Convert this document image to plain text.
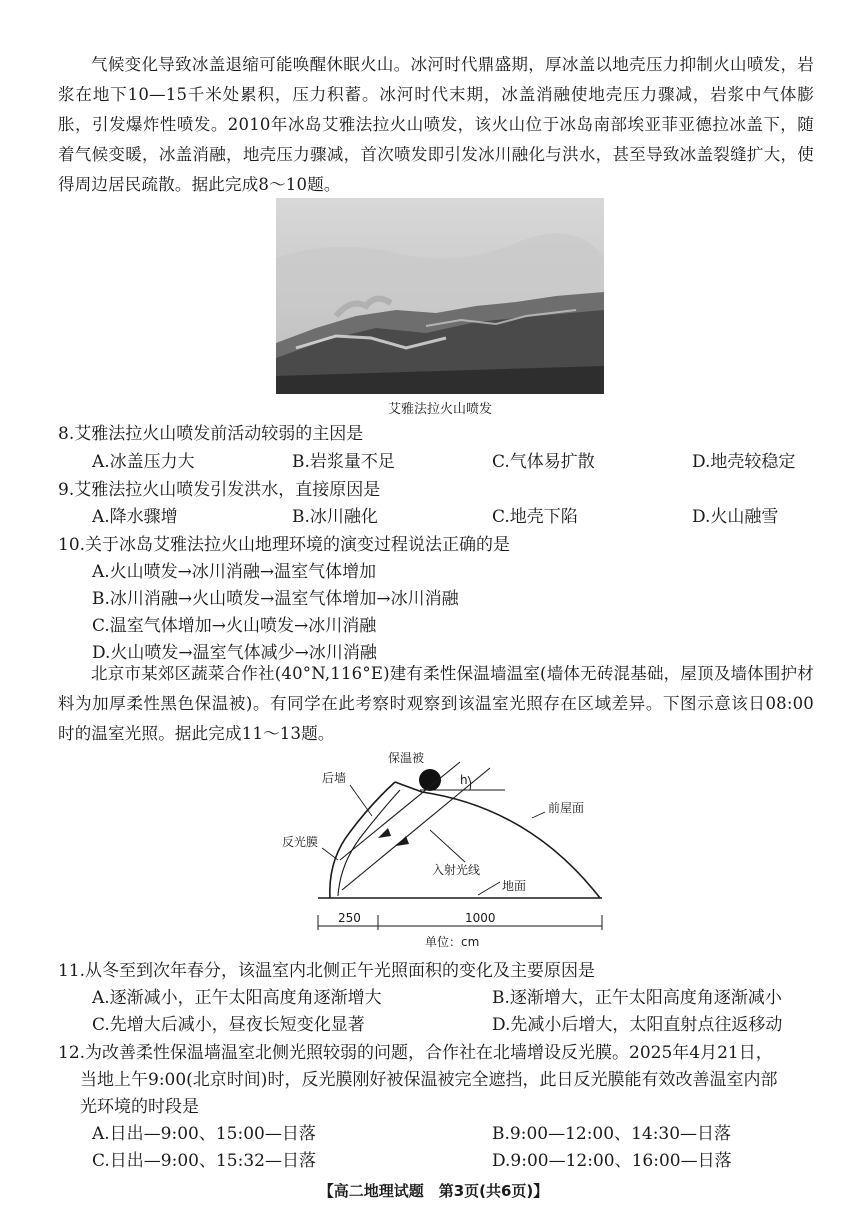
气候变化导致冰盖退缩可能唤醒休眠火山。冰河时代鼎盛期，厚冰盖以地壳压力抑制火山喷发，岩浆在地下10—15千米处累积，压力积蓄。冰河时代末期，冰盖消融使地壳压力骤减，岩浆中气体膨胀，引发爆炸性喷发。2010年冰岛艾雅法拉火山喷发，该火山位于冰岛南部埃亚菲亚德拉冰盖下，随着气候变暖，冰盖消融，地壳压力骤减，首次喷发即引发冰川融化与洪水，甚至导致冰盖裂缝扩大，使得周边居民疏散。据此完成8～10题。

艾雅法拉火山喷发
8.艾雅法拉火山喷发前活动较弱的主因是
A.冰盖压力大	B.岩浆量不足	C.气体易扩散	D.地壳较稳定
9.艾雅法拉火山喷发引发洪水，直接原因是
A.降水骤增	B.冰川融化	C.地壳下陷	D.火山融雪
10.关于冰岛艾雅法拉火山地理环境的演变过程说法正确的是
A.火山喷发→冰川消融→温室气体增加
B.冰川消融→火山喷发→温室气体增加→冰川消融
C.温室气体增加→火山喷发→冰川消融
D.火山喷发→温室气体减少→冰川消融

北京市某郊区蔬菜合作社(40°N,116°E)建有柔性保温墙温室(墙体无砖混基础，屋顶及墙体围护材料为加厚柔性黑色保温被)。有同学在此考察时观察到该温室光照存在区域差异。下图示意该日08:00时的温室光照。据此完成11～13题。

保温被
h
后墙
前屋面
反光膜
入射光线
地面
250	1000
单位：cm
11.从冬至到次年春分，该温室内北侧正午光照面积的变化及主要原因是
A.逐渐减小，正午太阳高度角逐渐增大	B.逐渐增大，正午太阳高度角逐渐减小
C.先增大后减小，昼夜长短变化显著	D.先减小后增大，太阳直射点往返移动
12.为改善柔性保温墙温室北侧光照较弱的问题，合作社在北墙增设反光膜。2025年4月21日，
当地上午9:00(北京时间)时，反光膜刚好被保温被完全遮挡，此日反光膜能有效改善温室内部
光环境的时段是
A.日出—9:00、15:00—日落	B.9:00—12:00、14:30—日落
C.日出—9:00、15:32—日落	D.9:00—12:00、16:00—日落
【高二地理试题　第3页(共6页)】
